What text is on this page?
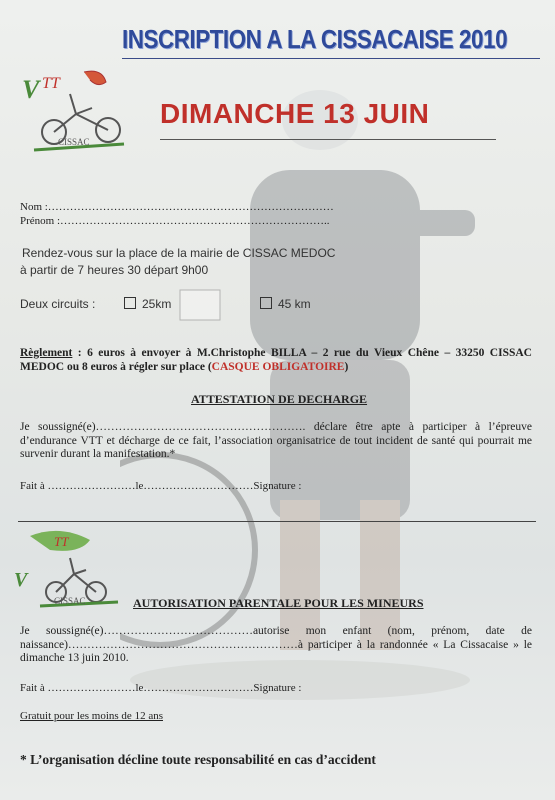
INSCRIPTION A LA CISSACAISE 2010
V TT
CISSAC
DIMANCHE 13 JUIN
Nom :……………………………………………………………………
Prénom :………………………………………………………………..
Rendez-vous sur la place de la mairie de CISSAC MEDOC
à partir de 7 heures 30 départ 9h00
Deux circuits :	25km	45 km
Règlement : 6 euros à envoyer à M.Christophe BILLA – 2 rue du Vieux Chêne – 33250 CISSAC MEDOC ou 8 euros à régler sur place (CASQUE OBLIGATOIRE)
ATTESTATION DE DECHARGE
Je soussigné(e)………………………………………………. déclare être apte à participer à l’épreuve d’endurance VTT et décharge de ce fait, l’association organisatrice de tout incident de santé qui pourrait me survenir durant la manifestation.*
Fait à ……………………le…………………………Signature :
V
TT
CISSAC	AUTORISATION PARENTALE POUR LES MINEURS
Je soussigné(e)…………………………………autorise mon enfant (nom, prénom, date de naissance)……………………………………………………à participer à la randonnée « La Cissacaise » le dimanche 13 juin 2010.
Fait à ……………………le…………………………Signature :
Gratuit pour les moins de 12 ans
* L’organisation décline toute responsabilité en cas d’accident
